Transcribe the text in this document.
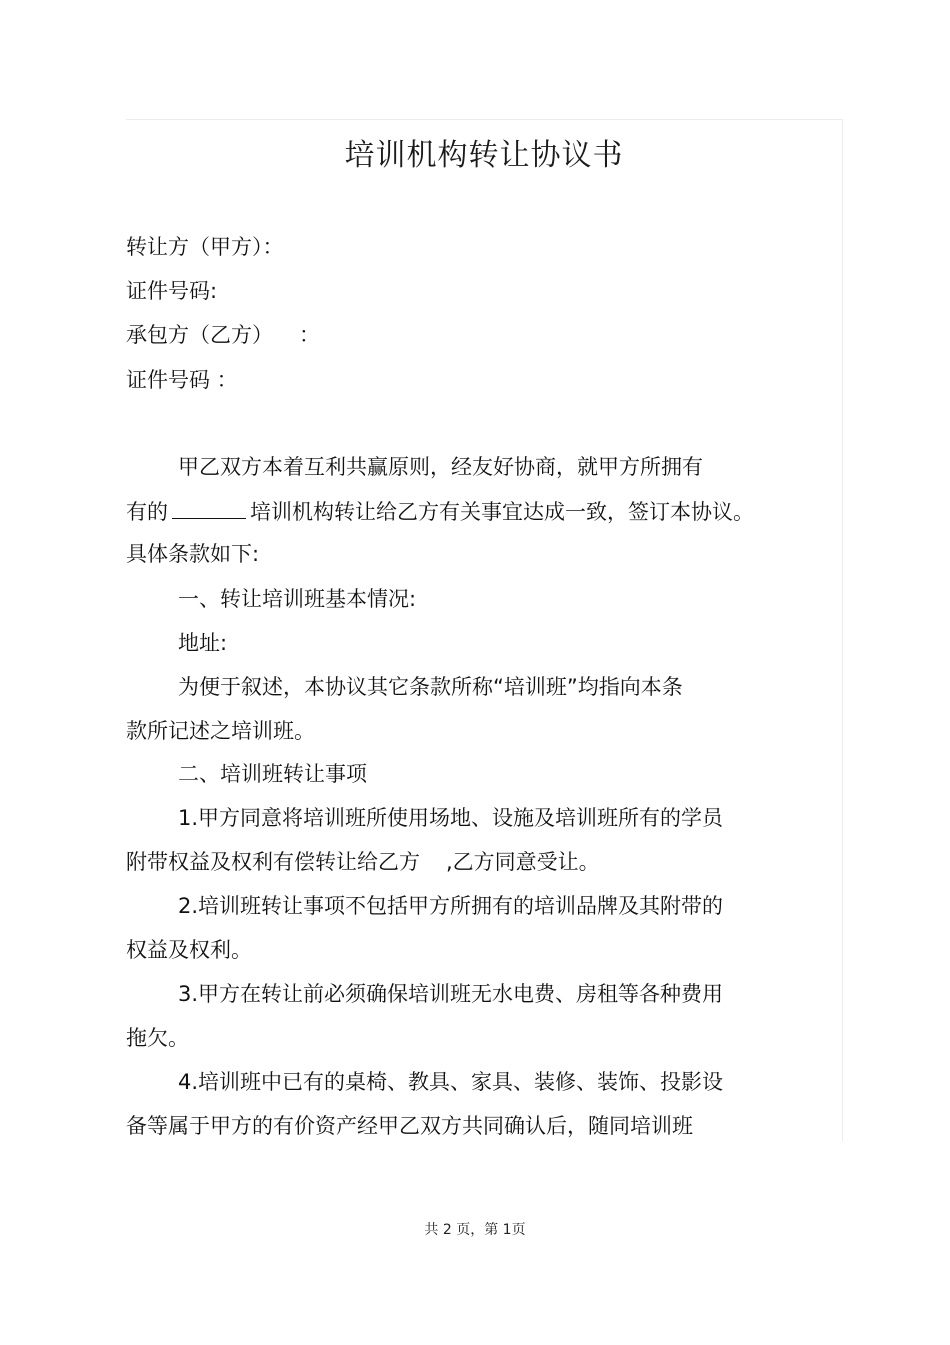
培训机构转让协议书
转让方（甲方）：
证件号码:
承包方（乙方） ：
证件号码 ：
甲乙双方本着互利共赢原则，经友好协商，就甲方所拥有
有的	培训机构转让给乙方有关事宜达成一致，签订本协议。
具体条款如下:
一、转让培训班基本情况:
地址:
为便于叙述，本协议其它条款所称“培训班”均指向本条
款所记述之培训班。
二、培训班转让事项
1.甲方同意将培训班所使用场地、设施及培训班所有的学员
附带权益及权利有偿转让给乙方 ,乙方同意受让。
2.培训班转让事项不包括甲方所拥有的培训品牌及其附带的
权益及权利。
3.甲方在转让前必须确保培训班无水电费、房租等各种费用
拖欠。
4.培训班中已有的桌椅、教具、家具、装修、装饰、投影设
备等属于甲方的有价资产经甲乙双方共同确认后，随同培训班
共 2 页，第 1页
